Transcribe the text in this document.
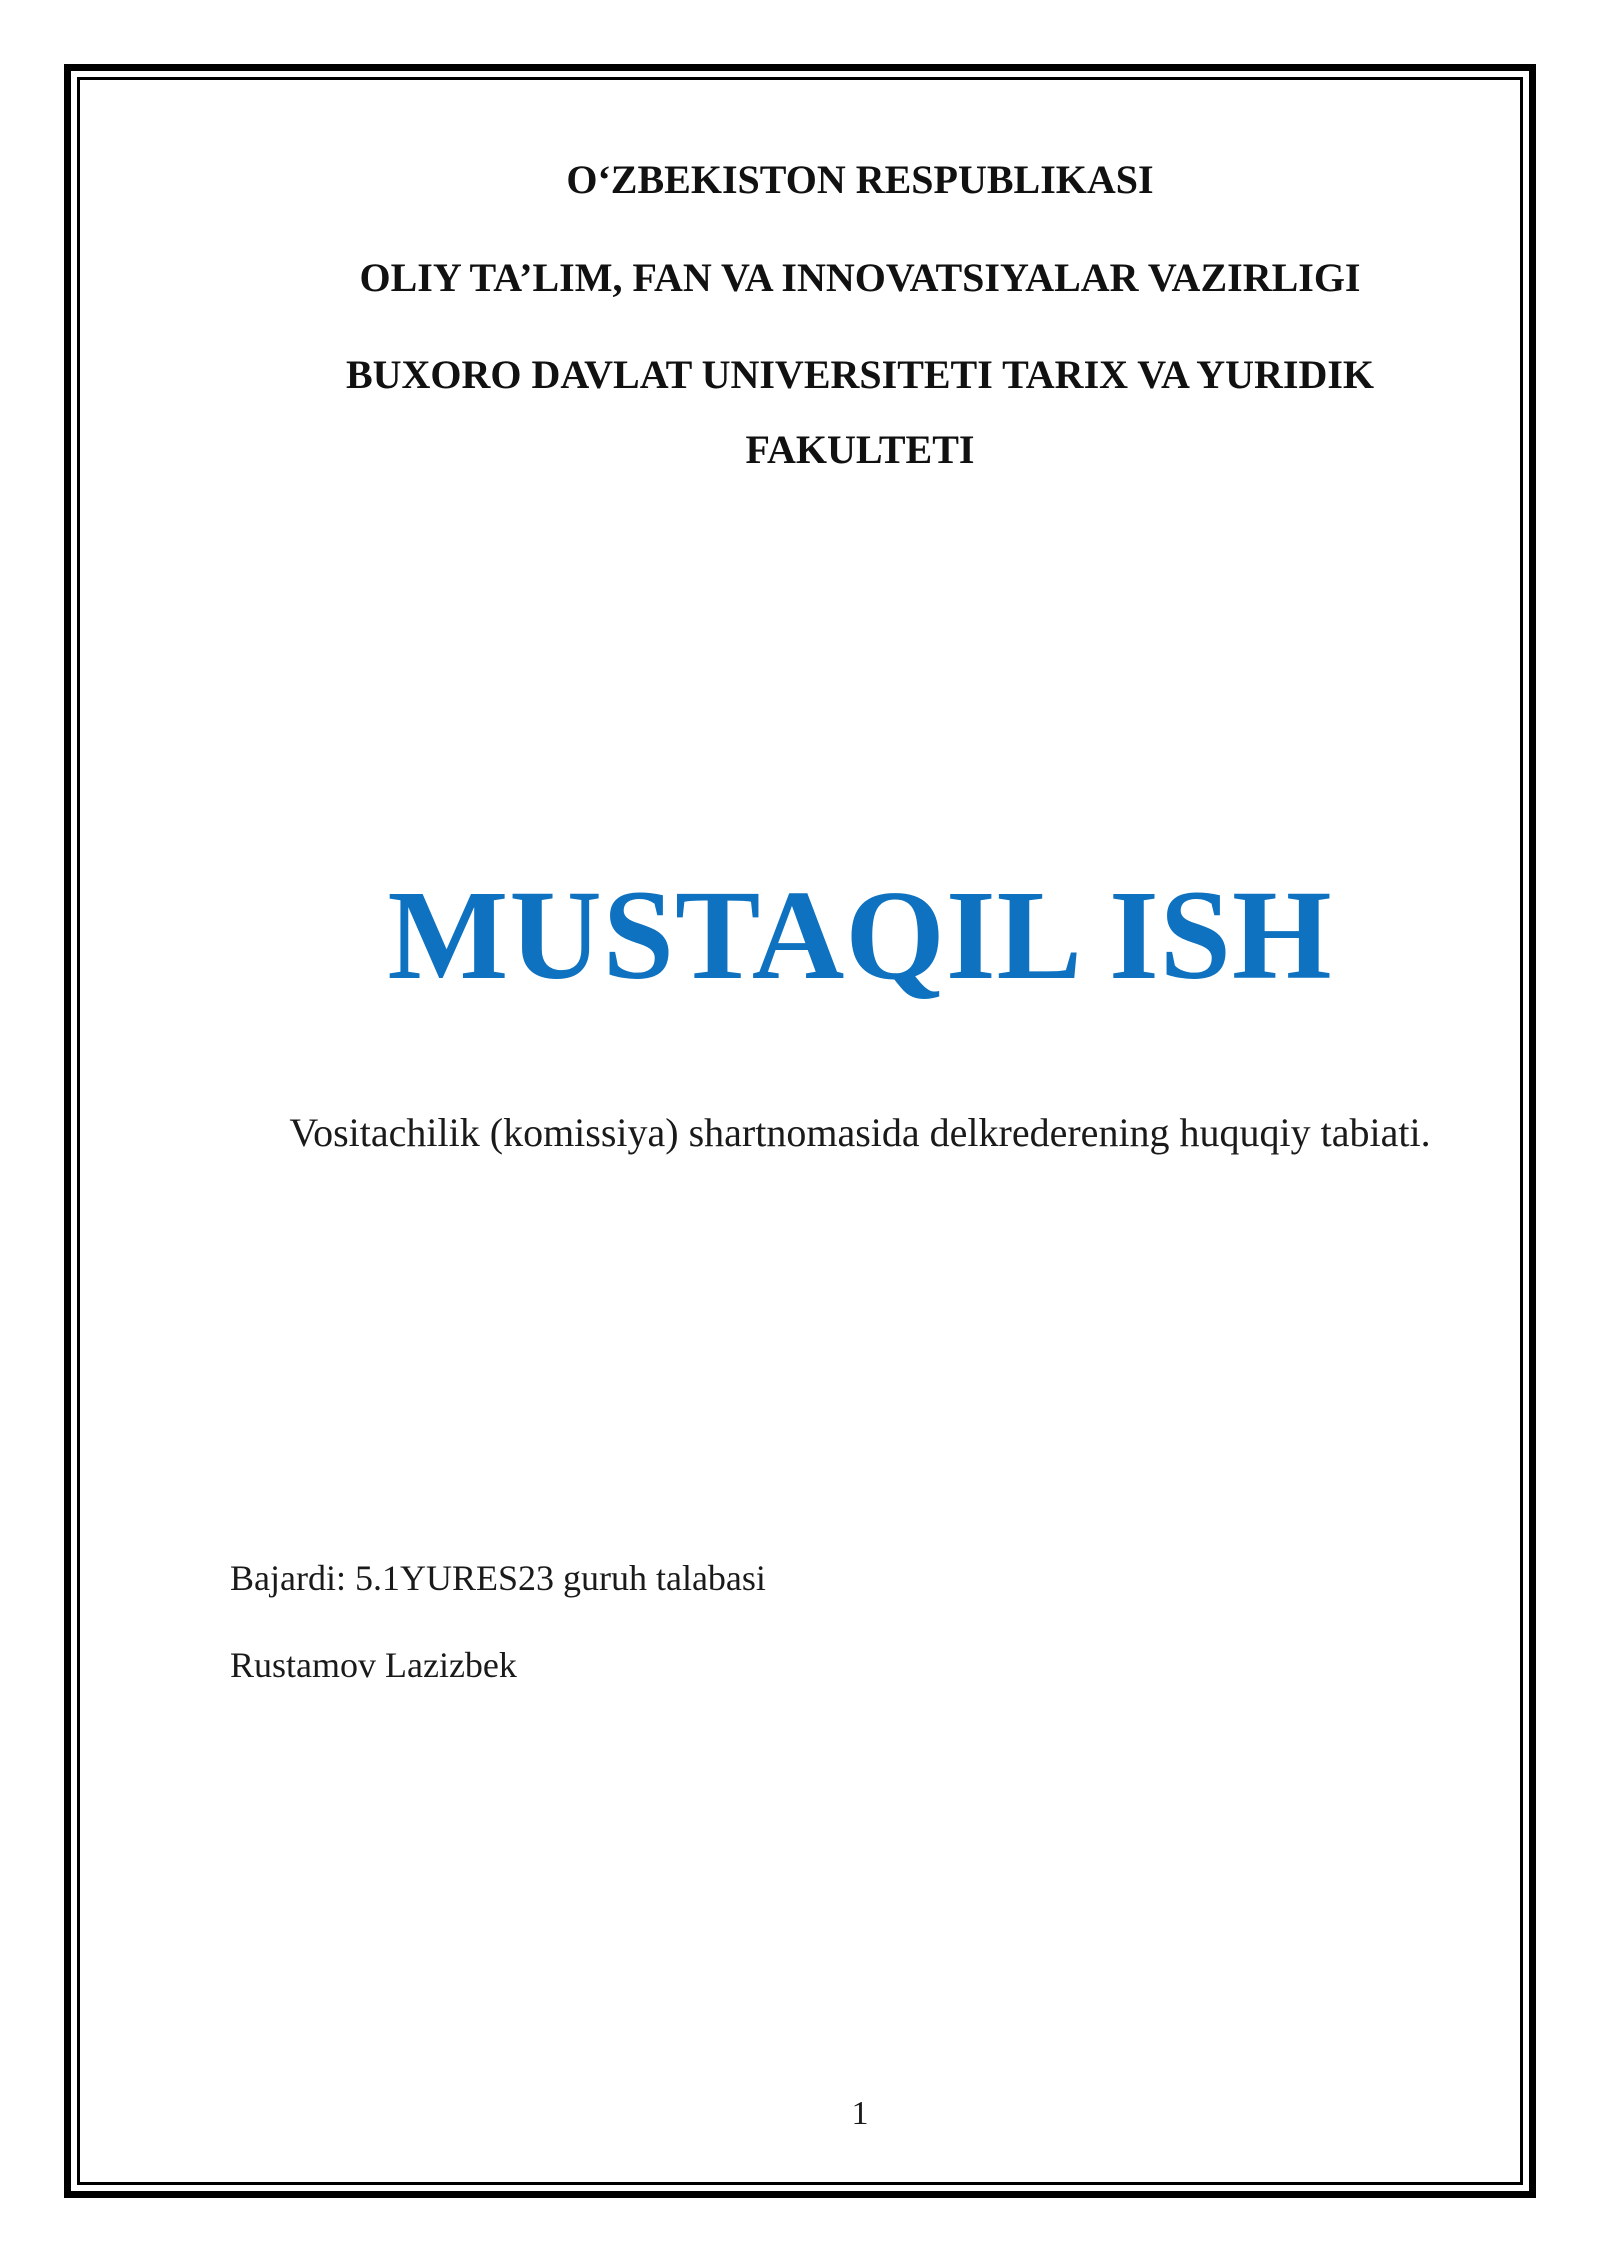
O‘ZBEKISTON RESPUBLIKASI
OLIY TA’LIM, FAN VA INNOVATSIYALAR VAZIRLIGI
BUXORO DAVLAT UNIVERSITETI TARIX VA YURIDIK
FAKULTETI
MUSTAQIL ISH
Vositachilik (komissiya) shartnomasida delkrederening huquqiy tabiati.
Bajardi: 5.1YURES23 guruh talabasi
Rustamov Lazizbek
1
